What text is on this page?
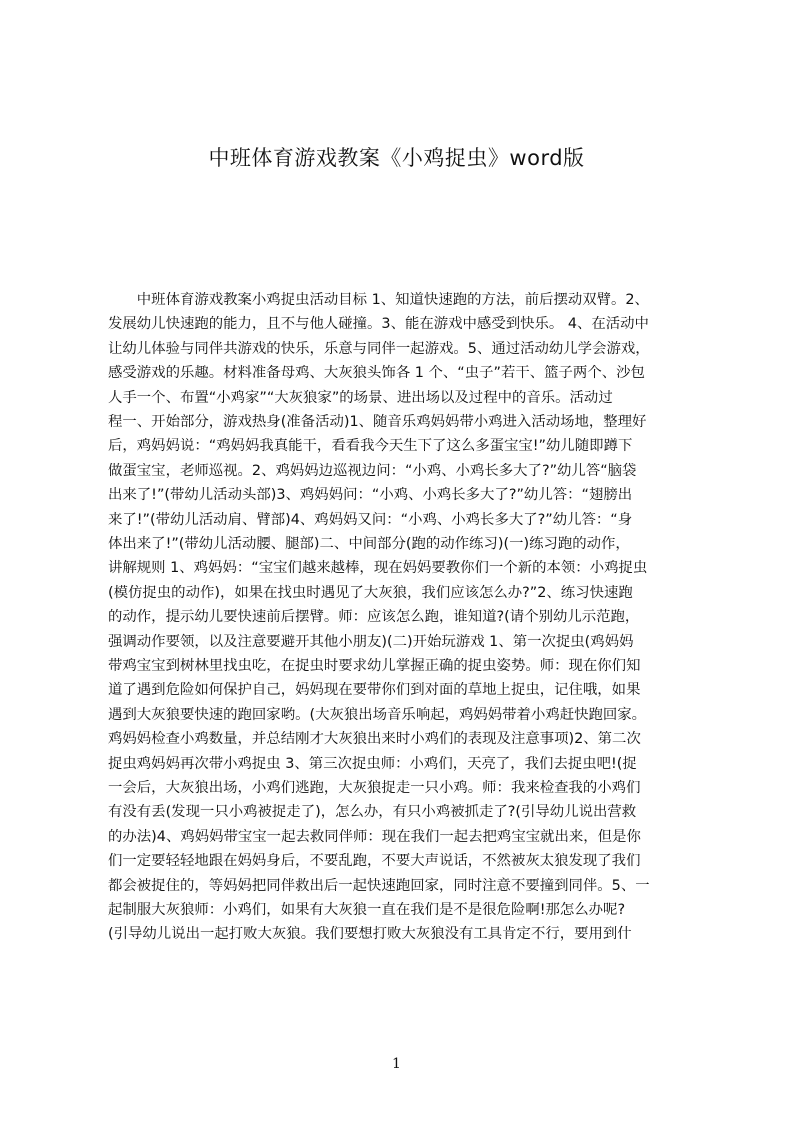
中班体育游戏教案《小鸡捉虫》word版
　　中班体育游戏教案小鸡捉虫活动目标 1、知道快速跑的方法，前后摆动双臂。2、
发展幼儿快速跑的能力，且不与他人碰撞。3、能在游戏中感受到快乐。 4、在活动中
让幼儿体验与同伴共游戏的快乐，乐意与同伴一起游戏。5、通过活动幼儿学会游戏，
感受游戏的乐趣。材料准备母鸡、大灰狼头饰各 1 个、“虫子”若干、篮子两个、沙包
人手一个、布置“小鸡家”“大灰狼家”的场景、进出场以及过程中的音乐。活动过
程一、开始部分，游戏热身(准备活动)1、随音乐鸡妈妈带小鸡进入活动场地，整理好
后，鸡妈妈说：“鸡妈妈我真能干，看看我今天生下了这么多蛋宝宝!”幼儿随即蹲下
做蛋宝宝，老师巡视。2、鸡妈妈边巡视边问：“小鸡、小鸡长多大了?”幼儿答“脑袋
出来了!”(带幼儿活动头部)3、鸡妈妈问：“小鸡、小鸡长多大了?”幼儿答：“翅膀出
来了!”(带幼儿活动肩、臂部)4、鸡妈妈又问：“小鸡、小鸡长多大了?”幼儿答：“身
体出来了!”(带幼儿活动腰、腿部)二、中间部分(跑的动作练习)(一)练习跑的动作，
讲解规则 1、鸡妈妈：“宝宝们越来越棒，现在妈妈要教你们一个新的本领：小鸡捉虫
(模仿捉虫的动作)，如果在找虫时遇见了大灰狼，我们应该怎么办?”2、练习快速跑
的动作，提示幼儿要快速前后摆臂。师：应该怎么跑，谁知道?(请个别幼儿示范跑，
强调动作要领，以及注意要避开其他小朋友)(二)开始玩游戏 1、第一次捉虫(鸡妈妈
带鸡宝宝到树林里找虫吃，在捉虫时要求幼儿掌握正确的捉虫姿势。师：现在你们知
道了遇到危险如何保护自己，妈妈现在要带你们到对面的草地上捉虫，记住哦，如果
遇到大灰狼要快速的跑回家哟。(大灰狼出场音乐响起，鸡妈妈带着小鸡赶快跑回家。
鸡妈妈检查小鸡数量，并总结刚才大灰狼出来时小鸡们的表现及注意事项)2、第二次
捉虫鸡妈妈再次带小鸡捉虫 3、第三次捉虫师：小鸡们，天亮了，我们去捉虫吧!(捉
一会后，大灰狼出场，小鸡们逃跑，大灰狼捉走一只小鸡。师：我来检查我的小鸡们
有没有丢(发现一只小鸡被捉走了)，怎么办，有只小鸡被抓走了?(引导幼儿说出营救
的办法)4、鸡妈妈带宝宝一起去救同伴师：现在我们一起去把鸡宝宝就出来，但是你
们一定要轻轻地跟在妈妈身后，不要乱跑，不要大声说话，不然被灰太狼发现了我们
都会被捉住的，等妈妈把同伴救出后一起快速跑回家，同时注意不要撞到同伴。5、一
起制服大灰狼师：小鸡们，如果有大灰狼一直在我们是不是很危险啊!那怎么办呢?
(引导幼儿说出一起打败大灰狼。我们要想打败大灰狼没有工具肯定不行，要用到什
1
